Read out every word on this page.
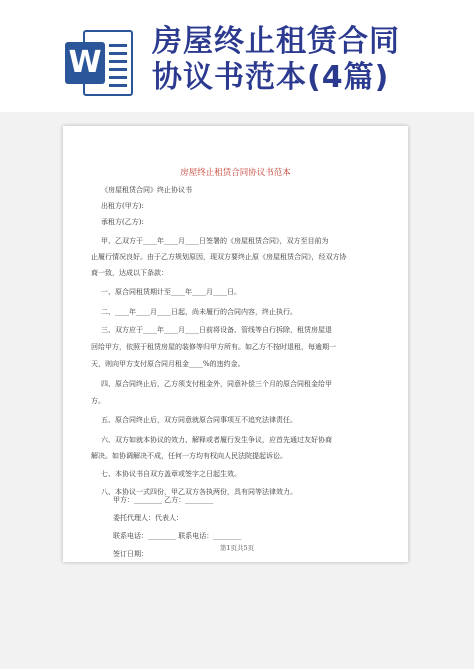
W
房屋终止租赁合同
协议书范本(4篇)
房屋终止租赁合同协议书范本
《房屋租赁合同》终止协议书
出租方(甲方):
承租方(乙方):
甲、乙双方于____年____月____日签署的《房屋租赁合同》，双方至目前为
止履行情况良好。由于乙方规划原因，现双方要终止原《房屋租赁合同》，经双方协
商一致，达成以下条款：
一、原合同租赁期计至____年____月____日。
二、____年____月____日起，尚未履行的合同内容，终止执行。
三、双方应于____年____月____日前将设备、管线等自行拆除，租赁房屋退
回给甲方，依照于租赁房屋的装修等归甲方所有。如乙方不按时退租，每逾期一
天，则向甲方支付原合同月租金____%的违约金。
四、原合同终止后，乙方须支付租金外，同意补偿三个月的原合同租金给甲
方。
五、原合同终止后，双方同意就原合同事项互不追究法律责任。
六、双方如就本协议的效力、解释或者履行发生争议，应首先通过友好协商
解决。如协调解决不成，任何一方均有权向人民法院提起诉讼。
七、本协议书自双方盖章或签字之日起生效。
八、本协议一式四份，甲乙双方各执两份，具有同等法律效力。
甲方：________ 乙方：________
委托代理人：代表人：
联系电话：________ 联系电话：________
签订日期：
第1页共5页
